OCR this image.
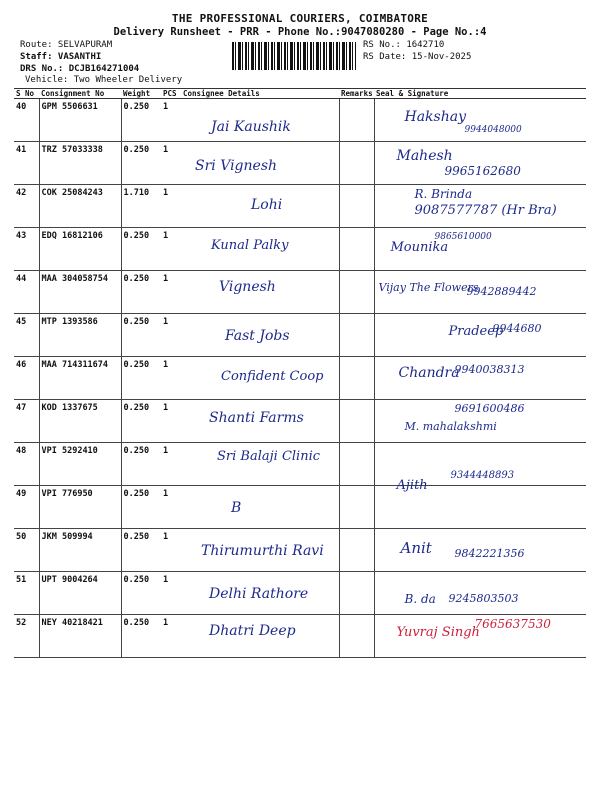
THE PROFESSIONAL COURIERS, COIMBATORE
Delivery Runsheet - PRR - Phone No.:9047080280 - Page No.:4
Route: SELVAPURAM
Staff: VASANTHI
DRS No.: DCJB164271004
Vehicle: Two Wheeler Delivery
RS No.: 1642710
RS Date: 15-Nov-2025
S No	Consignment No	Weight	PCS	Consignee Details	Remarks	Seal & Signature
40	GPM 5506631	0.250	1	Jai Kaushik		Hakshay
9944048000

41	TRZ 57033338	0.250	1	Sri Vignesh		Mahesh
9965162680

42	COK 25084243	1.710	1	Lohi		R. Brinda
9087577787 (Hr Bra)

43	EDQ 16812106	0.250	1	Kunal Palky		Mounika
9865610000

44	MAA 304058754	0.250	1	Vignesh		Vijay The Flowers
9942889442

45	MTP 1393586	0.250	1	Fast Jobs		Pradeep
9944680

46	MAA 714311674	0.250	1	Confident Coop		Chandra
9940038313

47	KOD 1337675	0.250	1	Shanti Farms		M. mahalakshmi
9691600486

48	VPI 5292410	0.250	1	Sri Balaji Clinic		

49	VPI 776950	0.250	1	B		Ajith
9344448893

50	JKM 509994	0.250	1	Thirumurthi Ravi		Anit 9842221356

51	UPT 9004264	0.250	1	Delhi Rathore		B. da 9245803503

52	NEY 40218421	0.250	1	Dhatri Deep		Yuvraj Singh
7665637530
